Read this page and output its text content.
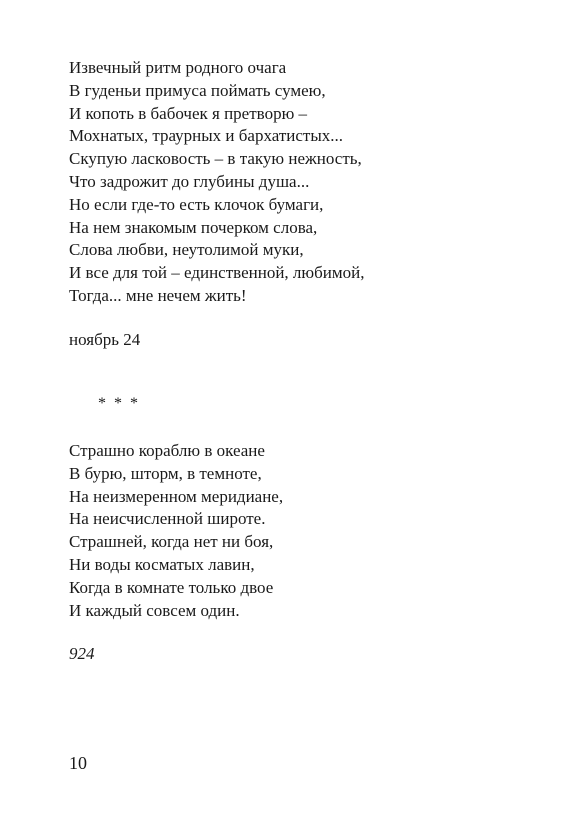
Извечный ритм родного очага
В гуденьи примуса поймать сумею,
И копоть в бабочек я претворю –
Мохнатых, траурных и бархатистых...
Скупую ласковость – в такую нежность,
Что задрожит до глубины душа...
Но если где-то есть клочок бумаги,
На нем знакомым почерком слова,
Слова любви, неутолимой муки,
И все для той – единственной, любимой,
Тогда... мне нечем жить!
ноябрь 24
* * *
Страшно кораблю в океане
В бурю, шторм, в темноте,
На неизмеренном меридиане,
На неисчисленной широте.
Страшней, когда нет ни боя,
Ни воды косматых лавин,
Когда в комнате только двое
И каждый совсем один.
924
10
